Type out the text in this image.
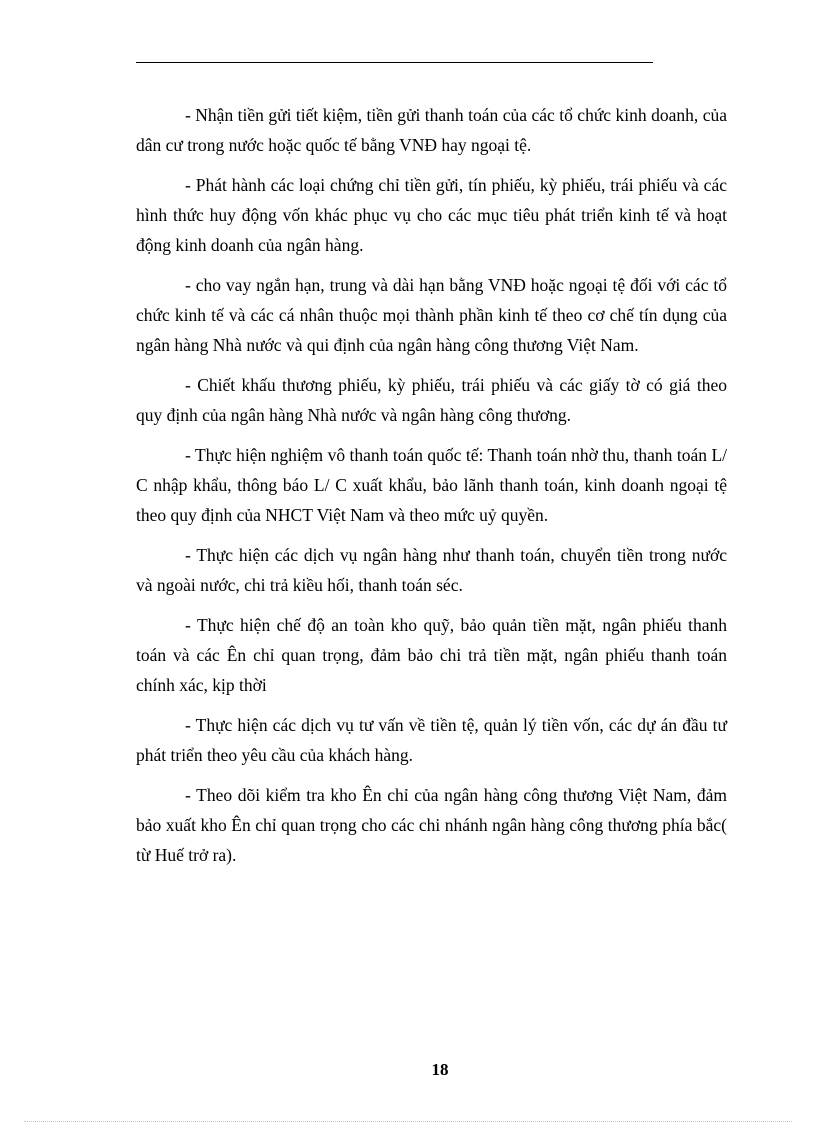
- Nhận tiền gửi tiết kiệm, tiền gửi thanh toán của các tổ chức kinh doanh, của dân cư trong nước hoặc quốc tế bằng VNĐ hay ngoại tệ.

- Phát hành các loại chứng chỉ tiền gửi, tín phiếu, kỳ phiếu, trái phiếu và các hình thức huy động vốn khác phục vụ cho các mục tiêu phát triển kinh tế và hoạt động kinh doanh của ngân hàng.

- cho vay ngắn hạn, trung và dài hạn bằng VNĐ hoặc ngoại tệ đối với các tổ chức kinh tế và các cá nhân thuộc mọi thành phần kinh tế theo cơ chế tín dụng của ngân hàng Nhà nước và qui định của ngân hàng công thương Việt Nam.

- Chiết khấu thương phiếu, kỳ phiếu, trái phiếu và các giấy tờ có giá theo quy định của ngân hàng Nhà nước và ngân hàng công thương.

- Thực hiện nghiệm vô thanh toán quốc tế: Thanh toán nhờ thu, thanh toán L/ C nhập khẩu, thông báo L/ C xuất khẩu, bảo lãnh thanh toán, kinh doanh ngoại tệ theo quy định của NHCT Việt Nam và theo mức uỷ quyền.

- Thực hiện các dịch vụ ngân hàng như thanh toán, chuyển tiền trong nước và ngoài nước, chi trả kiều hối, thanh toán séc.

- Thực hiện chế độ an toàn kho quỹ, bảo quản tiền mặt, ngân phiếu thanh toán và các Ên chỉ quan trọng, đảm bảo chi trả tiền mặt, ngân phiếu thanh toán chính xác, kịp thời

- Thực hiện các dịch vụ tư vấn về tiền tệ, quản lý tiền vốn, các dự án đầu tư phát triển theo yêu cầu của khách hàng.

- Theo dõi kiểm tra kho Ên chỉ của ngân hàng công thương Việt Nam, đảm bảo xuất kho Ên chỉ quan trọng cho các chi nhánh ngân hàng công thương phía bắc( từ Huế trở ra).

18
